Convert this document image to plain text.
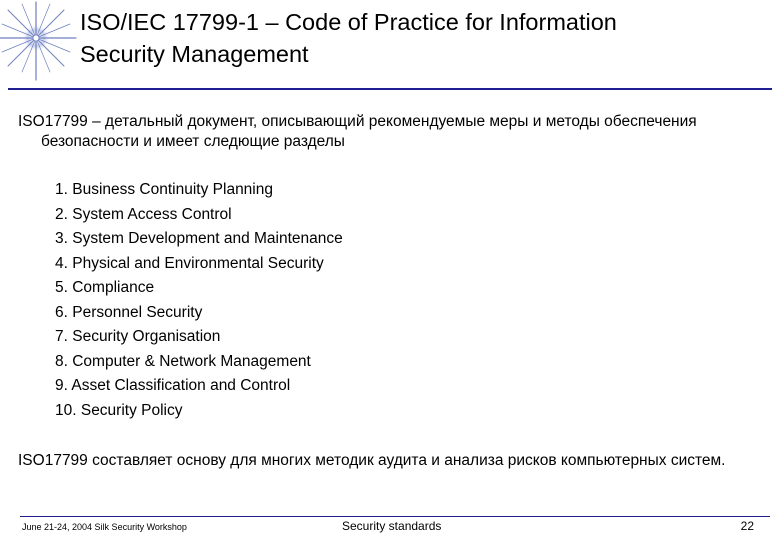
ISO/IEC 17799-1 – Code of Practice for Information
Security Management

ISO17799 – детальный документ, описывающий рекомендуемые меры и методы обеспечения безопасности и имеет следющие разделы

1. Business Continuity Planning
2. System Access Control
3. System Development and Maintenance
4. Physical and Environmental Security
5. Compliance
6. Personnel Security
7. Security Organisation
8. Computer & Network Management
9. Asset Classification and Control
10. Security Policy

ISO17799 составляет основу для многих методик аудита и анализа рисков компьютерных систем.

June 21-24, 2004 Silk Security Workshop	Security standards	22
